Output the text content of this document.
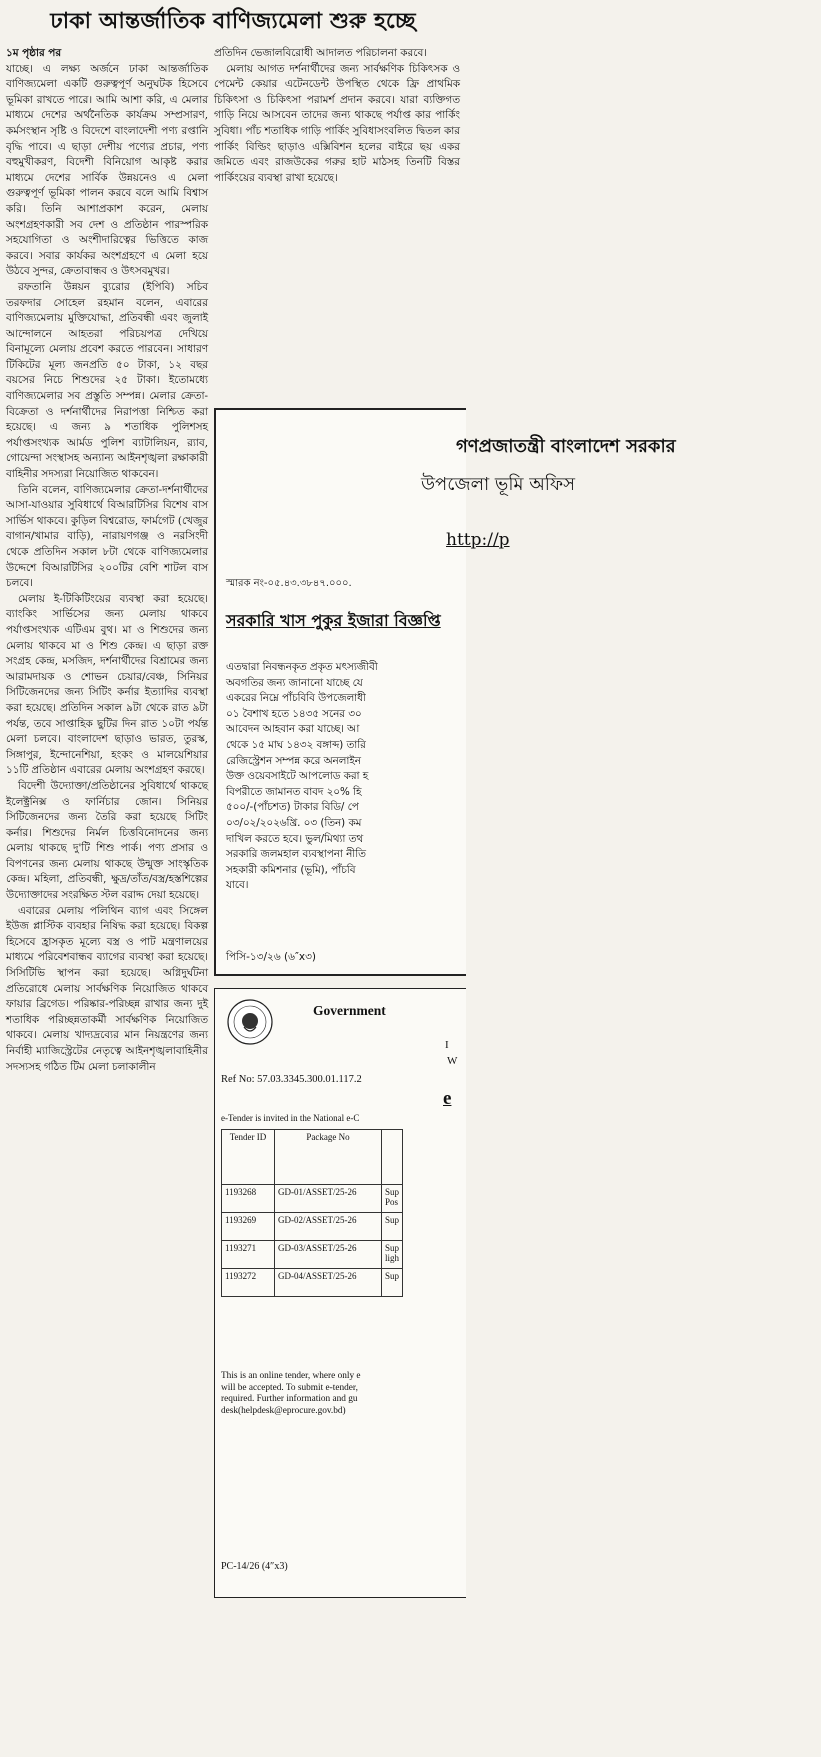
ঢাকা আন্তর্জাতিক বাণিজ্যমেলা শুরু হচ্ছে
১ম পৃষ্ঠার পর

যাচ্ছে। এ লক্ষ্য অর্জনে ঢাকা আন্তর্জাতিক বাণিজ্যমেলা একটি গুরুত্বপূর্ণ অনুঘটক হিসেবে ভূমিকা রাখতে পারে। আমি আশা করি, এ মেলার মাধ্যমে দেশের অর্থনৈতিক কার্যক্রম সম্প্রসারণ, কর্মসংস্থান সৃষ্টি ও বিদেশে বাংলাদেশী পণ্য রপ্তানি বৃদ্ধি পাবে। এ ছাড়া দেশীয় পণ্যের প্রচার, পণ্য বহুমুখীকরণ, বিদেশী বিনিয়োগ আকৃষ্ট করার মাধ্যমে দেশের সার্বিক উন্নয়নেও এ মেলা গুরুত্বপূর্ণ ভূমিকা পালন করবে বলে আমি বিশ্বাস করি। তিনি আশাপ্রকাশ করেন, মেলায় অংশগ্রহণকারী সব দেশ ও প্রতিষ্ঠান পারস্পরিক সহযোগিতা ও অংশীদারিত্বের ভিত্তিতে কাজ করবে। সবার কার্যকর অংশগ্রহণে এ মেলা হয়ে উঠবে সুন্দর, ক্রেতাবান্ধব ও উৎসবমুখর।

রফতানি উন্নয়ন ব্যুরোর (ইপিবি) সচিব তরফদার সোহেল রহমান বলেন, এবারের বাণিজ্যমেলায় মুক্তিযোদ্ধা, প্রতিবন্ধী এবং জুলাই আন্দোলনে আহতরা পরিচয়পত্র দেখিয়ে বিনামূল্যে মেলায় প্রবেশ করতে পারবেন। সাধারণ টিকিটের মূল্য জনপ্রতি ৫০ টাকা, ১২ বছর বয়সের নিচে শিশুদের ২৫ টাকা। ইতোমধ্যে বাণিজ্যমেলার সব প্রস্তুতি সম্পন্ন। মেলার ক্রেতা-বিক্রেতা ও দর্শনার্থীদের নিরাপত্তা নিশ্চিত করা হয়েছে। এ জন্য ৯ শতাধিক পুলিশসহ পর্যাপ্তসংখ্যক আর্মড পুলিশ ব্যাটালিয়ন, র‍্যাব, গোয়েন্দা সংস্থাসহ অন্যান্য আইনশৃঙ্খলা রক্ষাকারী বাহিনীর সদস্যরা নিয়োজিত থাকবেন।

তিনি বলেন, বাণিজ্যমেলার ক্রেতা-দর্শনার্থীদের আসা-যাওয়ার সুবিধার্থে বিআরটিসির বিশেষ বাস সার্ভিস থাকবে। কুড়িল বিশ্বরোড, ফার্মগেট (খেজুর বাগান/খামার বাড়ি), নারায়ণগঞ্জ ও নরসিংদী থেকে প্রতিদিন সকাল ৮টা থেকে বাণিজ্যমেলার উদ্দেশে বিআরটিসির ২০০টির বেশি শাটল বাস চলবে।

মেলায় ই-টিকিটিংয়ের ব্যবস্থা করা হয়েছে। ব্যাংকিং সার্ভিসের জন্য মেলায় থাকবে পর্যাপ্তসংখ্যক এটিএম বুথ। মা ও শিশুদের জন্য মেলায় থাকবে মা ও শিশু কেন্দ্র। এ ছাড়া রক্ত সংগ্রহ কেন্দ্র, মসজিদ, দর্শনার্থীদের বিশ্রামের জন্য আরামদায়ক ও শোভন চেয়ার/বেঞ্চ, সিনিয়র সিটিজেনদের জন্য সিটিং কর্নার ইত্যাদির ব্যবস্থা করা হয়েছে। প্রতিদিন সকাল ৯টা থেকে রাত ৯টা পর্যন্ত, তবে সাপ্তাহিক ছুটির দিন রাত ১০টা পর্যন্ত মেলা চলবে। বাংলাদেশ ছাড়াও ভারত, তুরস্ক, সিঙ্গাপুর, ইন্দোনেশিয়া, হংকং ও মালয়েশিয়ার ১১টি প্রতিষ্ঠান এবারের মেলায় অংশগ্রহণ করছে।

বিদেশী উদ্যোক্তা/প্রতিষ্ঠানের সুবিধার্থে থাকছে ইলেক্ট্রনিক্স ও ফার্নিচার জোন। সিনিয়র সিটিজেনদের জন্য তৈরি করা হয়েছে সিটিং কর্নার। শিশুদের নির্মল চিত্তবিনোদনের জন্য মেলায় থাকছে দু'টি শিশু পার্ক। পণ্য প্রসার ও বিপণনের জন্য মেলায় থাকছে উন্মুক্ত সাংস্কৃতিক কেন্দ্র। মহিলা, প্রতিবন্ধী, ক্ষুদ্র/তাঁত/বস্ত্র/হস্তশিল্পের উদ্যোক্তাদের সংরক্ষিত স্টল বরাদ্দ দেয়া হয়েছে।

এবারের মেলায় পলিথিন ব্যাগ এবং সিঙ্গেল ইউজ প্লাস্টিক ব্যবহার নিষিদ্ধ করা হয়েছে। বিকল্প হিসেবে হ্রাসকৃত মূল্যে বস্ত্র ও পাট মন্ত্রণালয়ের মাধ্যমে পরিবেশবান্ধব ব্যাগের ব্যবস্থা করা হয়েছে। সিসিটিভি স্থাপন করা হয়েছে। অগ্নিদুর্ঘটনা প্রতিরোধে মেলায় সার্বক্ষণিক নিয়োজিত থাকবে ফায়ার ব্রিগেড। পরিষ্কার-পরিচ্ছন্ন রাখার জন্য দুই শতাধিক পরিচ্ছন্নতাকর্মী সার্বক্ষণিক নিয়োজিত থাকবে। মেলায় খাদ্যদ্রব্যের মান নিয়ন্ত্রণের জন্য নির্বাহী ম্যাজিস্ট্রেটের নেতৃত্বে আইনশৃঙ্খলাবাহিনীর সদস্যসহ গঠিত টিম মেলা চলাকালীন

প্রতিদিন ভেজালবিরোধী আদালত পরিচালনা করবে।

মেলায় আগত দর্শনার্থীদের জন্য সার্বক্ষণিক চিকিৎসক ও পেমেন্ট কেয়ার এটেনডেন্ট উপস্থিত থেকে ফ্রি প্রাথমিক চিকিৎসা ও চিকিৎসা পরামর্শ প্রদান করবে। যারা ব্যক্তিগত গাড়ি নিয়ে আসবেন তাদের জন্য থাকছে পর্যাপ্ত কার পার্কিং সুবিধা। পাঁচ শতাধিক গাড়ি পার্কিং সুবিধাসংবলিত দ্বিতল কার পার্কিং বিল্ডিং ছাড়াও এক্সিবিশন হলের বাইরে ছয় একর জমিতে এবং রাজউকের গরুর হাট মাঠসহ তিনটি বিস্তর পার্কিংয়ের ব্যবস্থা রাখা হয়েছে।

গণপ্রজাতন্ত্রী বাংলাদেশ সরকার
উপজেলা ভূমি অফিস
http://p
স্মারক নং-০৫.৪৩.৩৮৪৭.০০০.
সরকারি খাস পুকুর ইজারা বিজ্ঞপ্তি
এতদ্বারা নিবন্ধনকৃত প্রকৃত মৎস্যজীবী
অবগতির জন্য জানানো যাচ্ছে যে
একরের নিম্নে পাঁচবিবি উপজেলাধী
০১ বৈশাখ হতে ১৪৩৫ সনের ৩০
আবেদন আহবান করা যাচ্ছে। আ
থেকে ১৫ মাঘ ১৪৩২ বঙ্গাব্দ) তারি
রেজিস্ট্রেশন সম্পন্ন করে অনলাইন
উক্ত ওয়েবসাইটে আপলোড করা হ
বিপরীতে জামানত বাবদ ২০% হি
৫০০/-(পাঁচশত) টাকার বিডি/ পে
০৩/০২/২০২৬খ্রি. ০৩ (তিন) কম
দাখিল করতে হবে। ভুল/মিথ্যা তথ
সরকারি জলমহাল ব্যবস্থাপনা নীতি
সহকারী কমিশনার (ভূমি), পাঁচবি
যাবে।
পিসি-১৩/২৬ (৬″x৩)
Government
I
W
Ref No: 57.03.3345.300.01.117.2
e
e-Tender is invited in the National e-C
Tender ID	Package No	
1193268	GD-01/ASSET/25-26	Sup
Pos
1193269	GD-02/ASSET/25-26	Sup
1193271	GD-03/ASSET/25-26	Sup
ligh
1193272	GD-04/ASSET/25-26	Sup
This is an online tender, where only e
will be accepted. To submit e-tender,
required. Further information and gu
desk(helpdesk@eprocure.gov.bd)
PC-14/26 (4″x3)
